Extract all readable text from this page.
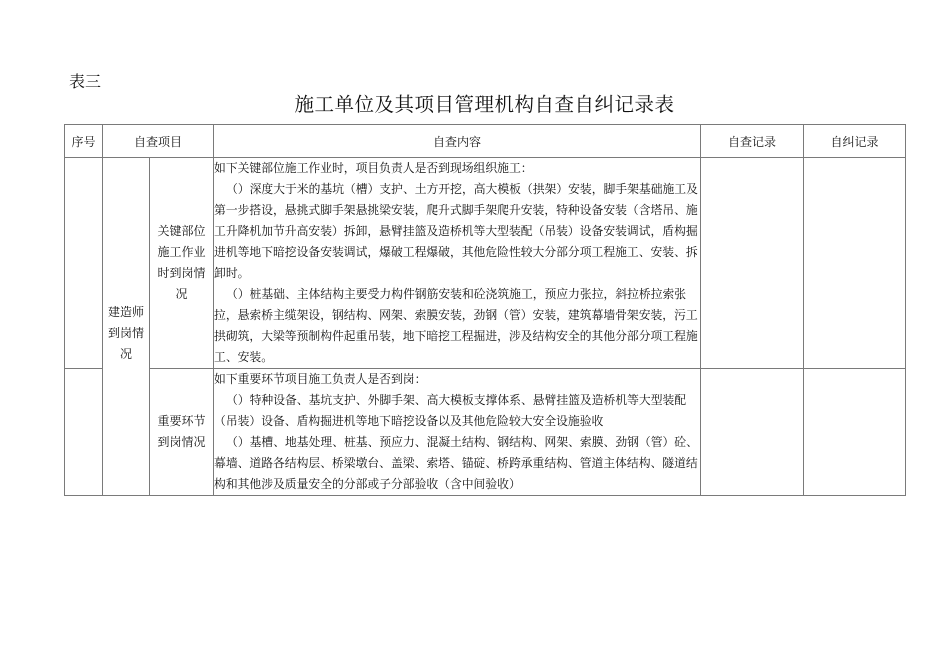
表三
施工单位及其项目管理机构自查自纠记录表
序号	自查项目		自查内容	自查记录	自纠记录
	建造师到岗情况	关键部位施工作业时到岗情况	如下关键部位施工作业时，项目负责人是否到现场组织施工：

（）深度大于米的基坑（槽）支护、土方开挖，高大模板（拱架）安装，脚手架基础施工及第一步搭设，悬挑式脚手架悬挑梁安装，爬升式脚手架爬升安装，特种设备安装（含塔吊、施工升降机加节升高安装）拆卸，悬臂挂篮及造桥机等大型装配（吊装）设备安装调试，盾构掘进机等地下暗挖设备安装调试，爆破工程爆破，其他危险性较大分部分项工程施工、安装、拆卸时。

（）桩基础、主体结构主要受力构件钢筋安装和砼浇筑施工，预应力张拉，斜拉桥拉索张拉，悬索桥主缆架设，钢结构、网架、索膜安装，劲钢（管）安装，建筑幕墙骨架安装，污工拱砌筑，大梁等预制构件起重吊装，地下暗挖工程掘进，涉及结构安全的其他分部分项工程施工、安装。		

		重要环节到岗情况	如下重要环节项目施工负责人是否到岗：

（）特种设备、基坑支护、外脚手架、高大模板支撑体系、悬臂挂篮及造桥机等大型装配（吊装）设备、盾构掘进机等地下暗挖设备以及其他危险较大安全设施验收

（）基槽、地基处理、桩基、预应力、混凝土结构、钢结构、网架、索膜、劲钢（管）砼、幕墙、道路各结构层、桥梁墩台、盖梁、索塔、锚碇、桥跨承重结构、管道主体结构、隧道结构和其他涉及质量安全的分部或子分部验收（含中间验收）		
